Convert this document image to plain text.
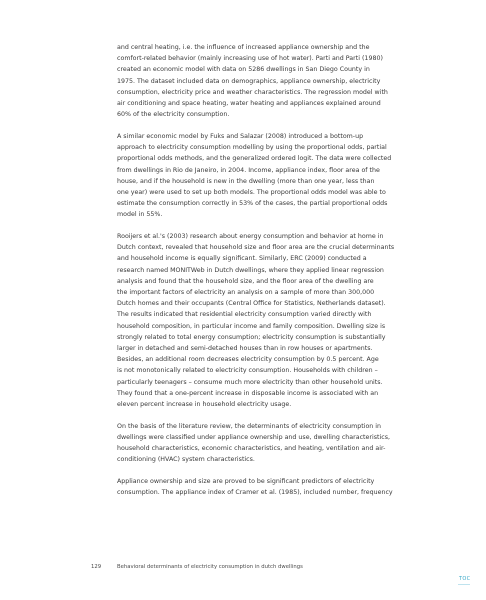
and central heating, i.e. the influence of increased appliance ownership and the
comfort-related behavior (mainly increasing use of hot water). Parti and Parti (1980)
created an economic model with data on 5286 dwellings in San Diego County in
1975. The dataset included data on demographics, appliance ownership, electricity
consumption, electricity price and weather characteristics. The regression model with
air conditioning and space heating, water heating and appliances explained around
60% of the electricity consumption.

A similar economic model by Fuks and Salazar (2008) introduced a bottom-up
approach to electricity consumption modelling by using the proportional odds, partial
proportional odds methods, and the generalized ordered logit. The data were collected
from dwellings in Rio de Janeiro, in 2004. Income, appliance index, floor area of the
house, and if the household is new in the dwelling (more than one year, less than
one year) were used to set up both models. The proportional odds model was able to
estimate the consumption correctly in 53% of the cases, the partial proportional odds
model in 55%.

Rooijers et al.'s (2003) research about energy consumption and behavior at home in
Dutch context, revealed that household size and floor area are the crucial determinants
and household income is equally significant. Similarly, ERC (2009) conducted a
research named MONITWeb in Dutch dwellings, where they applied linear regression
analysis and found that the household size, and the floor area of the dwelling are
the important factors of electricity an analysis on a sample of more than 300,000
Dutch homes and their occupants (Central Office for Statistics, Netherlands dataset).
The results indicated that residential electricity consumption varied directly with
household composition, in particular income and family composition. Dwelling size is
strongly related to total energy consumption; electricity consumption is substantially
larger in detached and semi-detached houses than in row houses or apartments.
Besides, an additional room decreases electricity consumption by 0.5 percent. Age
is not monotonically related to electricity consumption. Households with children –
particularly teenagers – consume much more electricity than other household units.
They found that a one-percent increase in disposable income is associated with an
eleven percent increase in household electricity usage.

On the basis of the literature review, the determinants of electricity consumption in
dwellings were classified under appliance ownership and use, dwelling characteristics,
household characteristics, economic characteristics, and heating, ventilation and air-
conditioning (HVAC) system characteristics.

Appliance ownership and size are proved to be significant predictors of electricity
consumption. The appliance index of Cramer et al. (1985), included number, frequency

129	Behavioral determinants of electricity consumption in dutch dwellings
TOC
